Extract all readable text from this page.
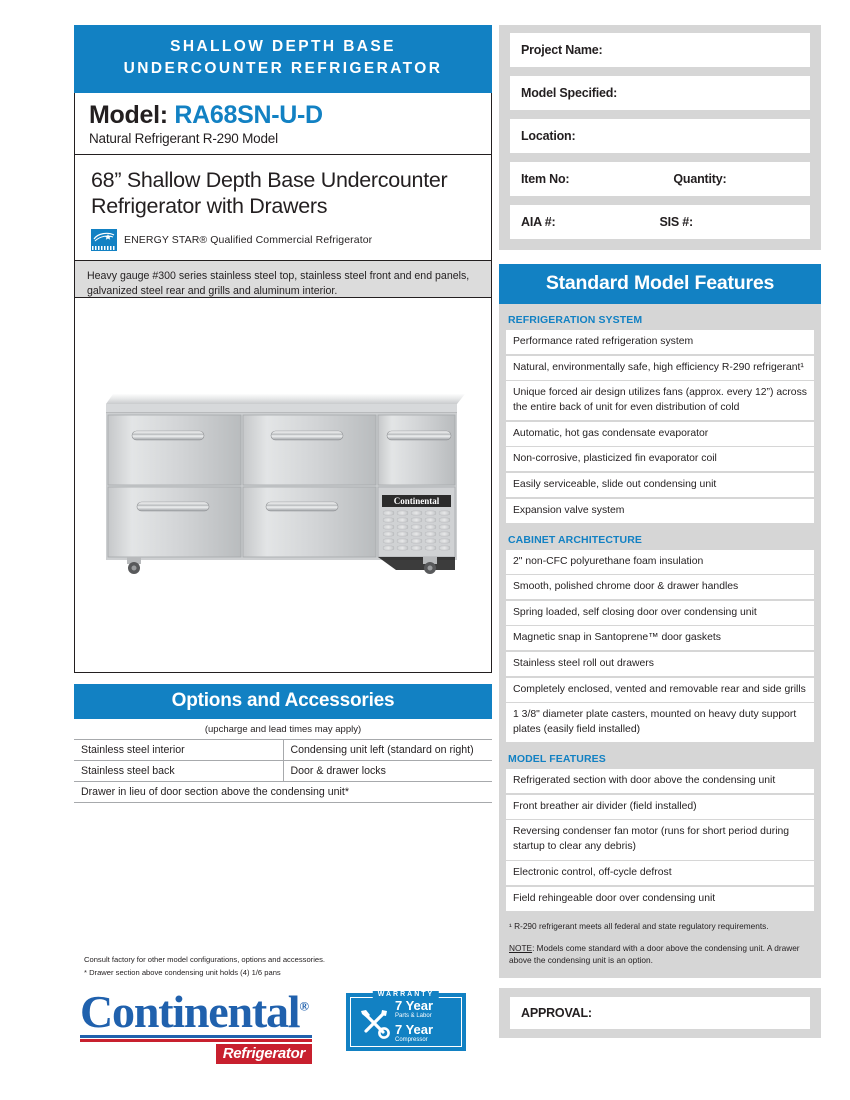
SHALLOW DEPTH BASE
UNDERCOUNTER REFRIGERATOR
Model: RA68SN-U-D
Natural Refrigerant R-290 Model
68” Shallow Depth Base Undercounter Refrigerator with Drawers
ENERGY STAR® Qualified Commercial Refrigerator
Heavy gauge #300 series stainless steel top, stainless steel front and end panels, galvanized steel rear and grills and aluminum interior.
Continental
Options and Accessories
(upcharge and lead times may apply)
Stainless steel interior	Condensing unit left (standard on right)
Stainless steel back	Door & drawer locks
Drawer in lieu of door section above the condensing unit*	
Consult factory for other model configurations, options and accessories.
* Drawer section above condensing unit holds (4) 1/6 pans
Continental®
Refrigerator
WARRANTY
7 Year
Parts & Labor
7 Year
Compressor
Project Name:
Model Specified:
Location:
Item No:	Quantity:
AIA #:	SIS #:
Standard Model Features
REFRIGERATION SYSTEM
Performance rated refrigeration system
Natural, environmentally safe, high efficiency R-290 refrigerant¹
Unique forced air design utilizes fans (approx. every 12”) across the entire back of unit for even distribution of cold
Automatic, hot gas condensate evaporator
Non-corrosive, plasticized fin evaporator coil
Easily serviceable, slide out condensing unit
Expansion valve system
CABINET ARCHITECTURE
2" non-CFC polyurethane foam insulation
Smooth, polished chrome door & drawer handles
Spring loaded, self closing door over condensing unit
Magnetic snap in Santoprene™ door gaskets
Stainless steel roll out drawers
Completely enclosed, vented and removable rear and side grills
1 3/8" diameter plate casters, mounted on heavy duty support plates (easily field installed)
MODEL FEATURES
Refrigerated section with door above the condensing unit
Front breather air divider (field installed)
Reversing condenser fan motor (runs for short period during startup to clear any debris)
Electronic control, off-cycle defrost
Field rehingeable door over condensing unit
¹ R-290 refrigerant meets all federal and state regulatory requirements.
NOTE: Models come standard with a door above the condensing unit. A drawer above the condensing unit is an option.
APPROVAL:
